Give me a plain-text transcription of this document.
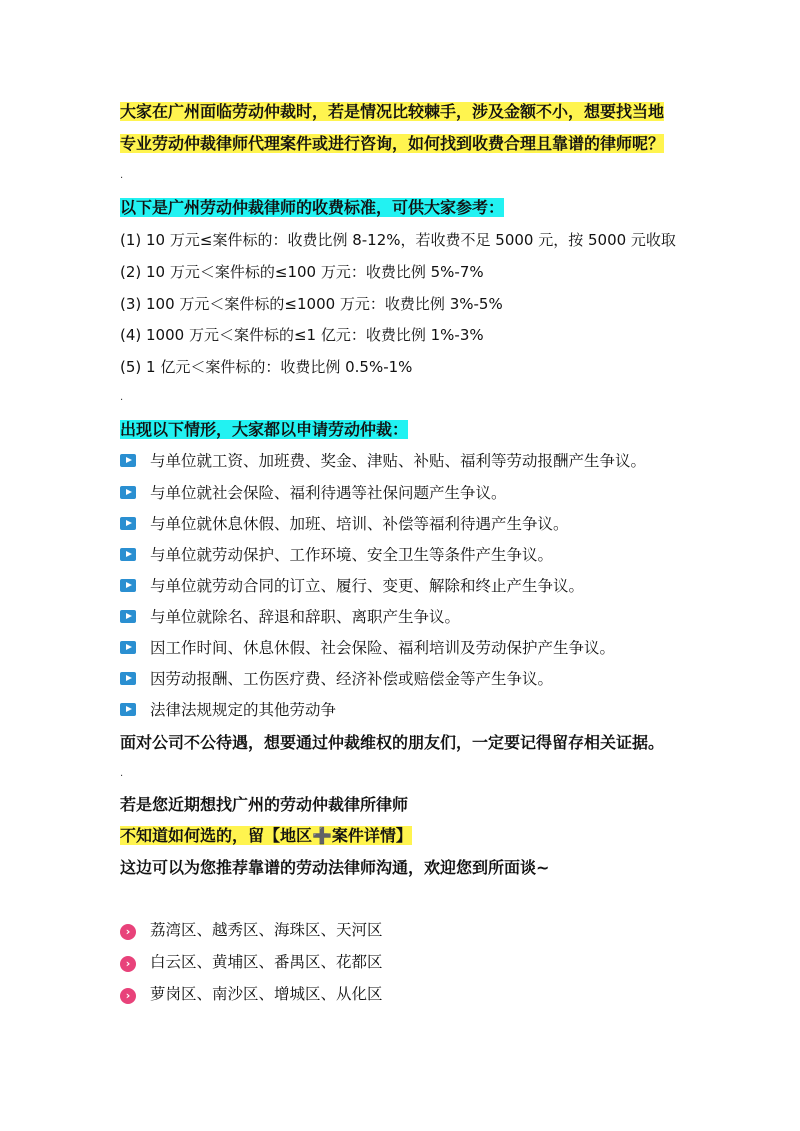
大家在广州面临劳动仲裁时，若是情况比较棘手，涉及金额不小，想要找当地
专业劳动仲裁律师代理案件或进行咨询，如何找到收费合理且靠谱的律师呢？
.
以下是广州劳动仲裁律师的收费标准，可供大家参考：
(1) 10 万元≤案件标的：收费比例 8-12%，若收费不足 5000 元，按 5000 元收取
(2) 10 万元＜案件标的≤100 万元：收费比例 5%-7%
(3) 100 万元＜案件标的≤1000 万元：收费比例 3%-5%
(4) 1000 万元＜案件标的≤1 亿元：收费比例 1%-3%
(5) 1 亿元＜案件标的：收费比例 0.5%-1%
.
出现以下情形，大家都以申请劳动仲裁：
与单位就工资、加班费、奖金、津贴、补贴、福利等劳动报酬产生争议。
与单位就社会保险、福利待遇等社保问题产生争议。
与单位就休息休假、加班、培训、补偿等福利待遇产生争议。
与单位就劳动保护、工作环境、安全卫生等条件产生争议。
与单位就劳动合同的订立、履行、变更、解除和终止产生争议。
与单位就除名、辞退和辞职、离职产生争议。
因工作时间、休息休假、社会保险、福利培训及劳动保护产生争议。
因劳动报酬、工伤医疗费、经济补偿或赔偿金等产生争议。
法律法规规定的其他劳动争
面对公司不公待遇，想要通过仲裁维权的朋友们，一定要记得留存相关证据。
.
若是您近期想找广州的劳动仲裁律所律师
不知道如何选的，留【地区➕案件详情】
这边可以为您推荐靠谱的劳动法律师沟通，欢迎您到所面谈~
› 荔湾区、越秀区、海珠区、天河区
› 白云区、黄埔区、番禺区、花都区
› 萝岗区、南沙区、增城区、从化区
